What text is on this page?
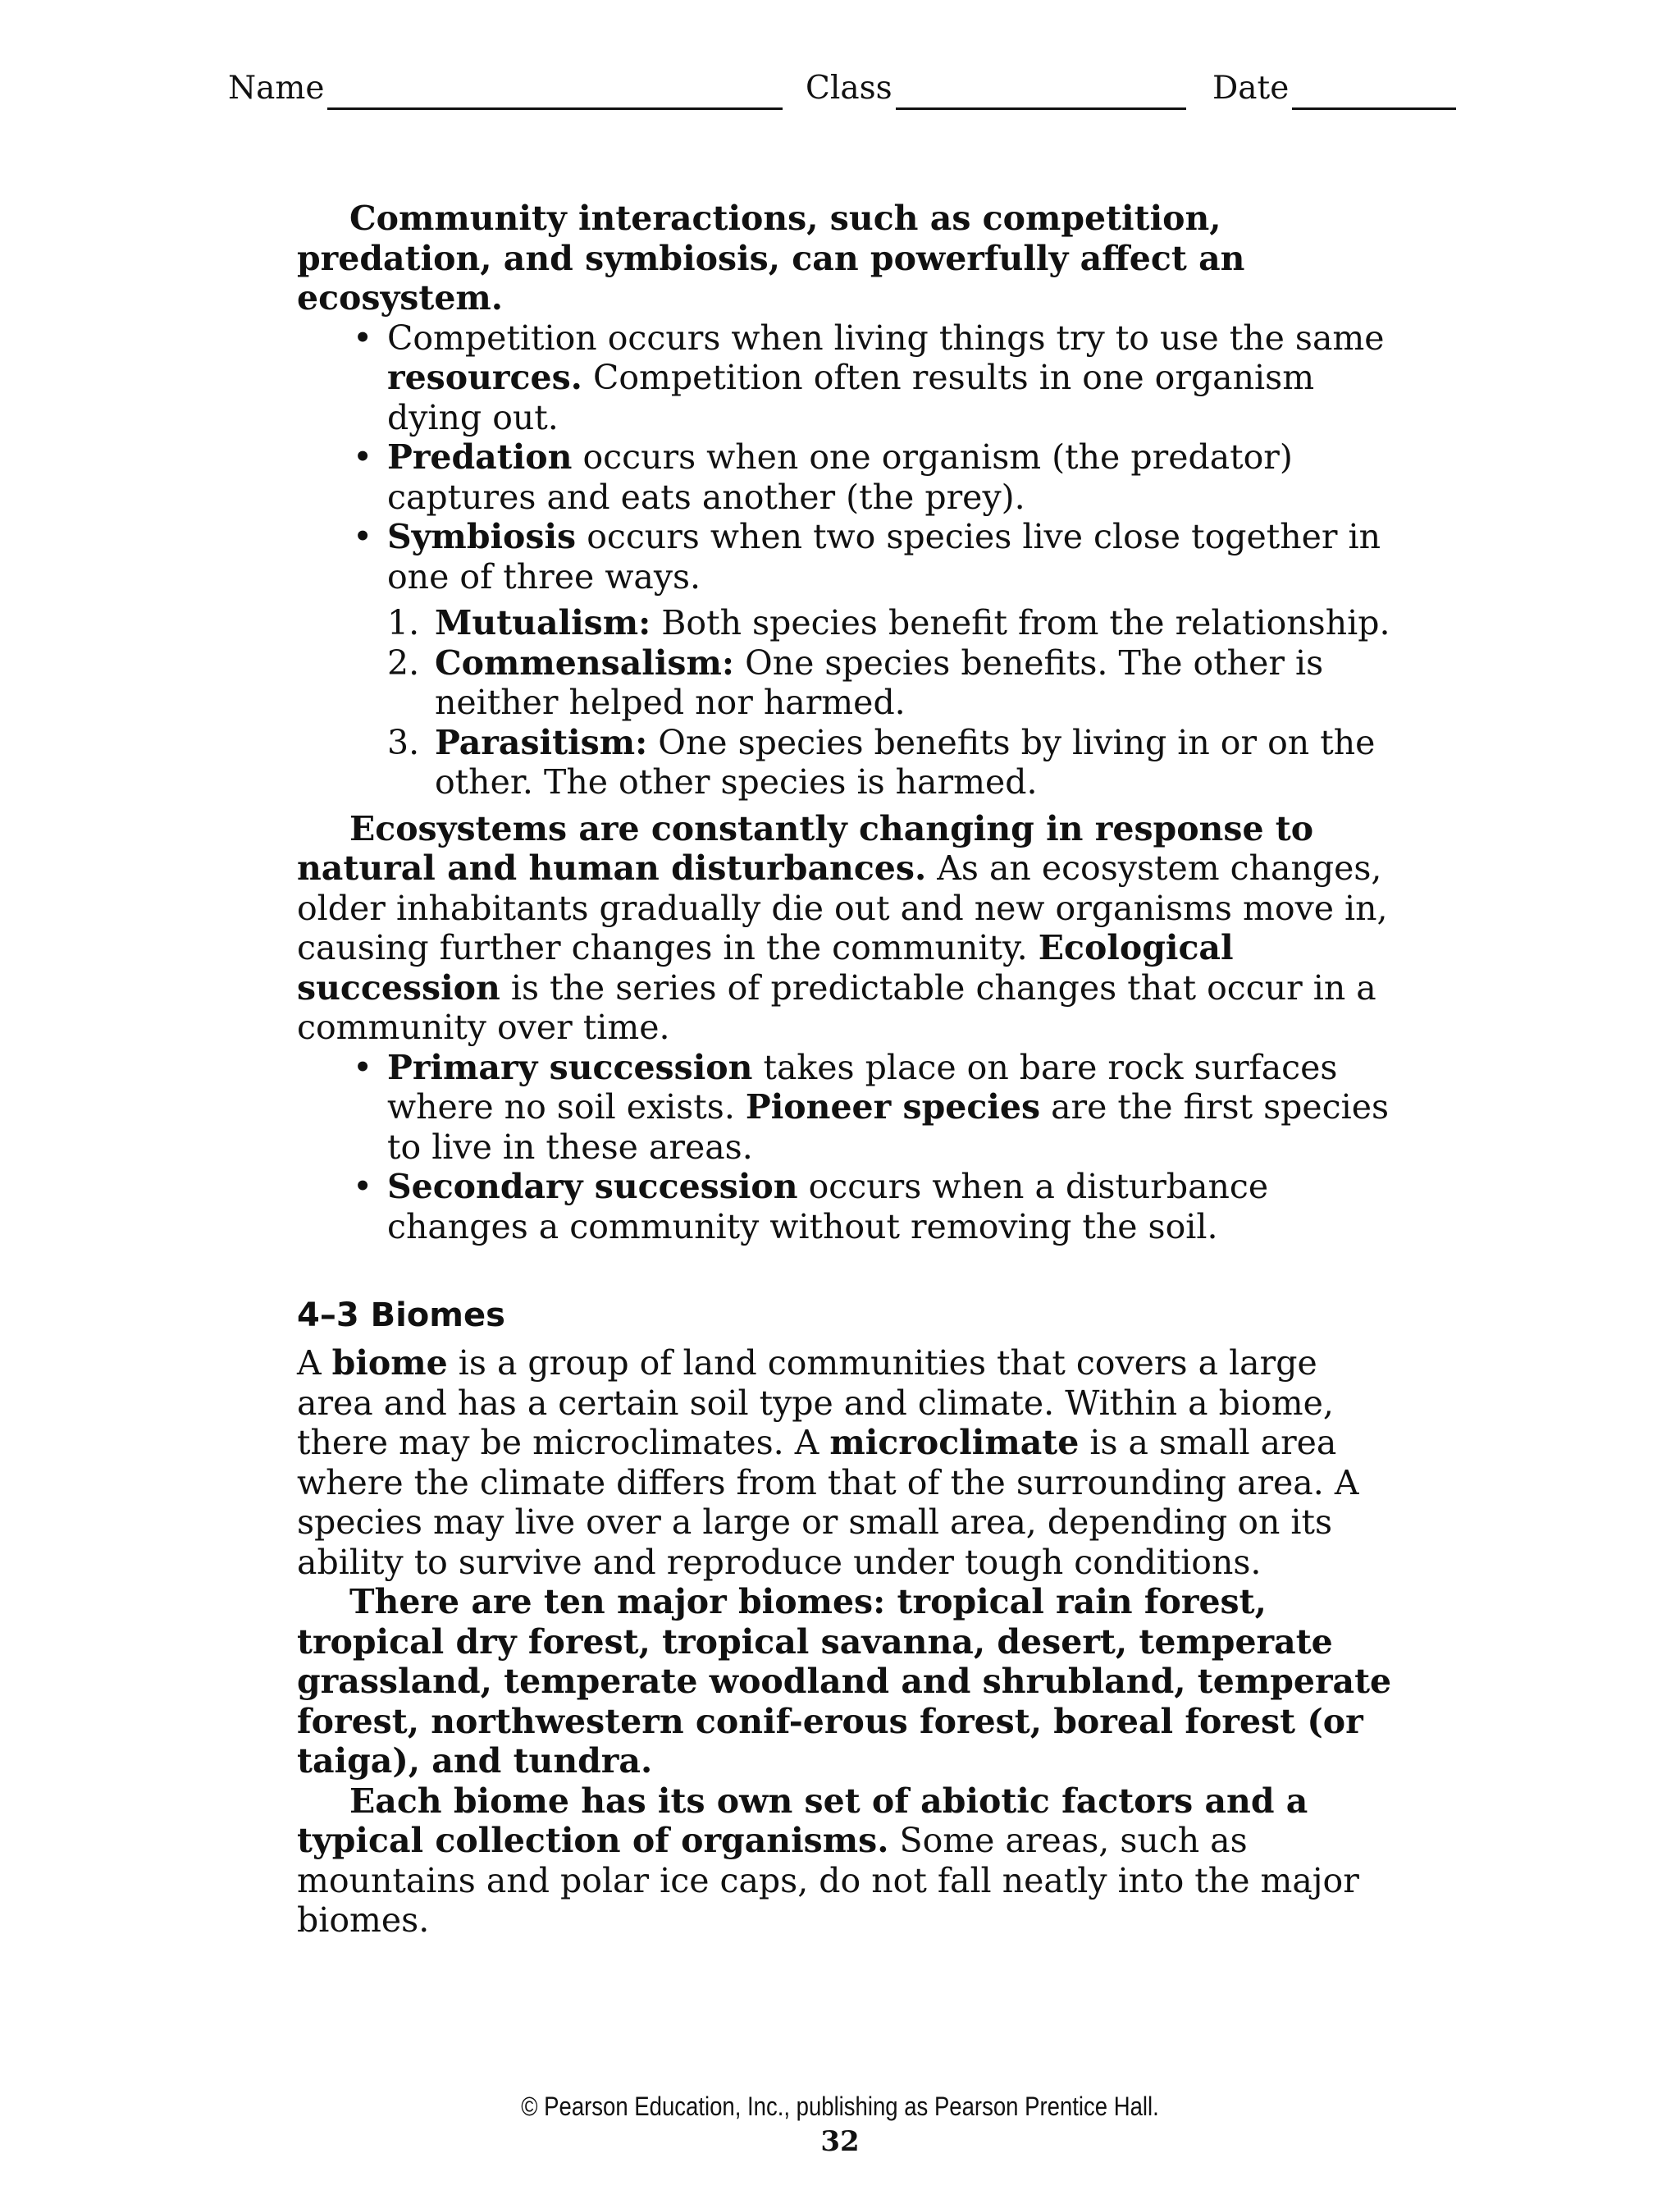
Name	Class	Date

Community interactions, such as competition, predation, and symbiosis, can powerfully affect an ecosystem.

• Competition occurs when living things try to use the same resources. Competition often results in one organism dying out.
• Predation occurs when one organism (the predator) captures and eats another (the prey).
• Symbiosis occurs when two species live close together in one of three ways.
1. Mutualism: Both species benefit from the relationship.
2. Commensalism: One species benefits. The other is neither helped nor harmed.
3. Parasitism: One species benefits by living in or on the other. The other species is harmed.

Ecosystems are constantly changing in response to natural and human disturbances. As an ecosystem changes, older inhabitants gradually die out and new organisms move in, causing further changes in the community. Ecological succession is the series of predictable changes that occur in a community over time.

• Primary succession takes place on bare rock surfaces where no soil exists. Pioneer species are the first species to live in these areas.
• Secondary succession occurs when a disturbance changes a community without removing the soil.
4–3 Biomes

A biome is a group of land communities that covers a large area and has a certain soil type and climate. Within a biome, there may be microclimates. A microclimate is a small area where the climate differs from that of the surrounding area. A species may live over a large or small area, depending on its ability to survive and reproduce under tough conditions.

There are ten major biomes: tropical rain forest, tropical dry forest, tropical savanna, desert, temperate grassland, temperate woodland and shrubland, temperate forest, northwestern conif-erous forest, boreal forest (or taiga), and tundra.

Each biome has its own set of abiotic factors and a typical collection of organisms. Some areas, such as mountains and polar ice caps, do not fall neatly into the major biomes.

© Pearson Education, Inc., publishing as Pearson Prentice Hall.
32
